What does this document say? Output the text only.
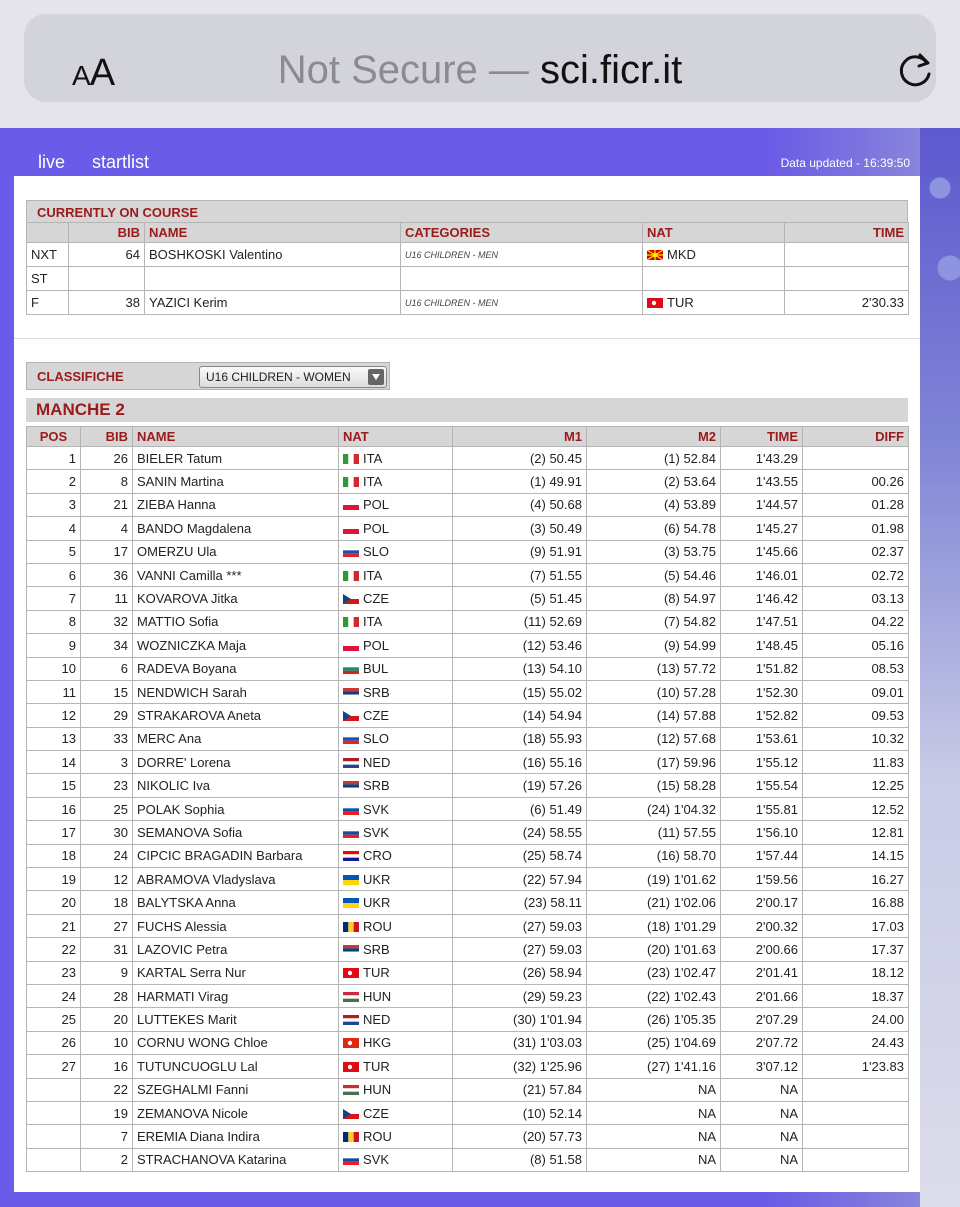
AA	Not Secure — sci.ficr.it
live startlist	Data updated - 16:39:50
CURRENTLY ON COURSE
	BIB	NAME	CATEGORIES	NAT	TIME
NXT	64	BOSHKOSKI Valentino	U16 CHILDREN - MEN	MKD	
ST					
F	38	YAZICI Kerim	U16 CHILDREN - MEN	TUR	2'30.33
CLASSIFICHE	U16 CHILDREN - WOMEN
MANCHE 2
POS	BIB	NAME	NAT	M1	M2	TIME	DIFF
1	26	BIELER Tatum	ITA	(2) 50.45	(1) 52.84	1'43.29	
2	8	SANIN Martina	ITA	(1) 49.91	(2) 53.64	1'43.55	00.26
3	21	ZIEBA Hanna	POL	(4) 50.68	(4) 53.89	1'44.57	01.28
4	4	BANDO Magdalena	POL	(3) 50.49	(6) 54.78	1'45.27	01.98
5	17	OMERZU Ula	SLO	(9) 51.91	(3) 53.75	1'45.66	02.37
6	36	VANNI Camilla ***	ITA	(7) 51.55	(5) 54.46	1'46.01	02.72
7	11	KOVAROVA Jitka	CZE	(5) 51.45	(8) 54.97	1'46.42	03.13
8	32	MATTIO Sofia	ITA	(11) 52.69	(7) 54.82	1'47.51	04.22
9	34	WOZNICZKA Maja	POL	(12) 53.46	(9) 54.99	1'48.45	05.16
10	6	RADEVA Boyana	BUL	(13) 54.10	(13) 57.72	1'51.82	08.53
11	15	NENDWICH Sarah	SRB	(15) 55.02	(10) 57.28	1'52.30	09.01
12	29	STRAKAROVA Aneta	CZE	(14) 54.94	(14) 57.88	1'52.82	09.53
13	33	MERC Ana	SLO	(18) 55.93	(12) 57.68	1'53.61	10.32
14	3	DORRE' Lorena	NED	(16) 55.16	(17) 59.96	1'55.12	11.83
15	23	NIKOLIC Iva	SRB	(19) 57.26	(15) 58.28	1'55.54	12.25
16	25	POLAK Sophia	SVK	(6) 51.49	(24) 1'04.32	1'55.81	12.52
17	30	SEMANOVA Sofia	SVK	(24) 58.55	(11) 57.55	1'56.10	12.81
18	24	CIPCIC BRAGADIN Barbara	CRO	(25) 58.74	(16) 58.70	1'57.44	14.15
19	12	ABRAMOVA Vladyslava	UKR	(22) 57.94	(19) 1'01.62	1'59.56	16.27
20	18	BALYTSKA Anna	UKR	(23) 58.11	(21) 1'02.06	2'00.17	16.88
21	27	FUCHS Alessia	ROU	(27) 59.03	(18) 1'01.29	2'00.32	17.03
22	31	LAZOVIC Petra	SRB	(27) 59.03	(20) 1'01.63	2'00.66	17.37
23	9	KARTAL Serra Nur	TUR	(26) 58.94	(23) 1'02.47	2'01.41	18.12
24	28	HARMATI Virag	HUN	(29) 59.23	(22) 1'02.43	2'01.66	18.37
25	20	LUTTEKES Marit	NED	(30) 1'01.94	(26) 1'05.35	2'07.29	24.00
26	10	CORNU WONG Chloe	HKG	(31) 1'03.03	(25) 1'04.69	2'07.72	24.43
27	16	TUTUNCUOGLU Lal	TUR	(32) 1'25.96	(27) 1'41.16	3'07.12	1'23.83
	22	SZEGHALMI Fanni	HUN	(21) 57.84	NA	NA	
	19	ZEMANOVA Nicole	CZE	(10) 52.14	NA	NA	
	7	EREMIA Diana Indira	ROU	(20) 57.73	NA	NA	
	2	STRACHANOVA Katarina	SVK	(8) 51.58	NA	NA	
